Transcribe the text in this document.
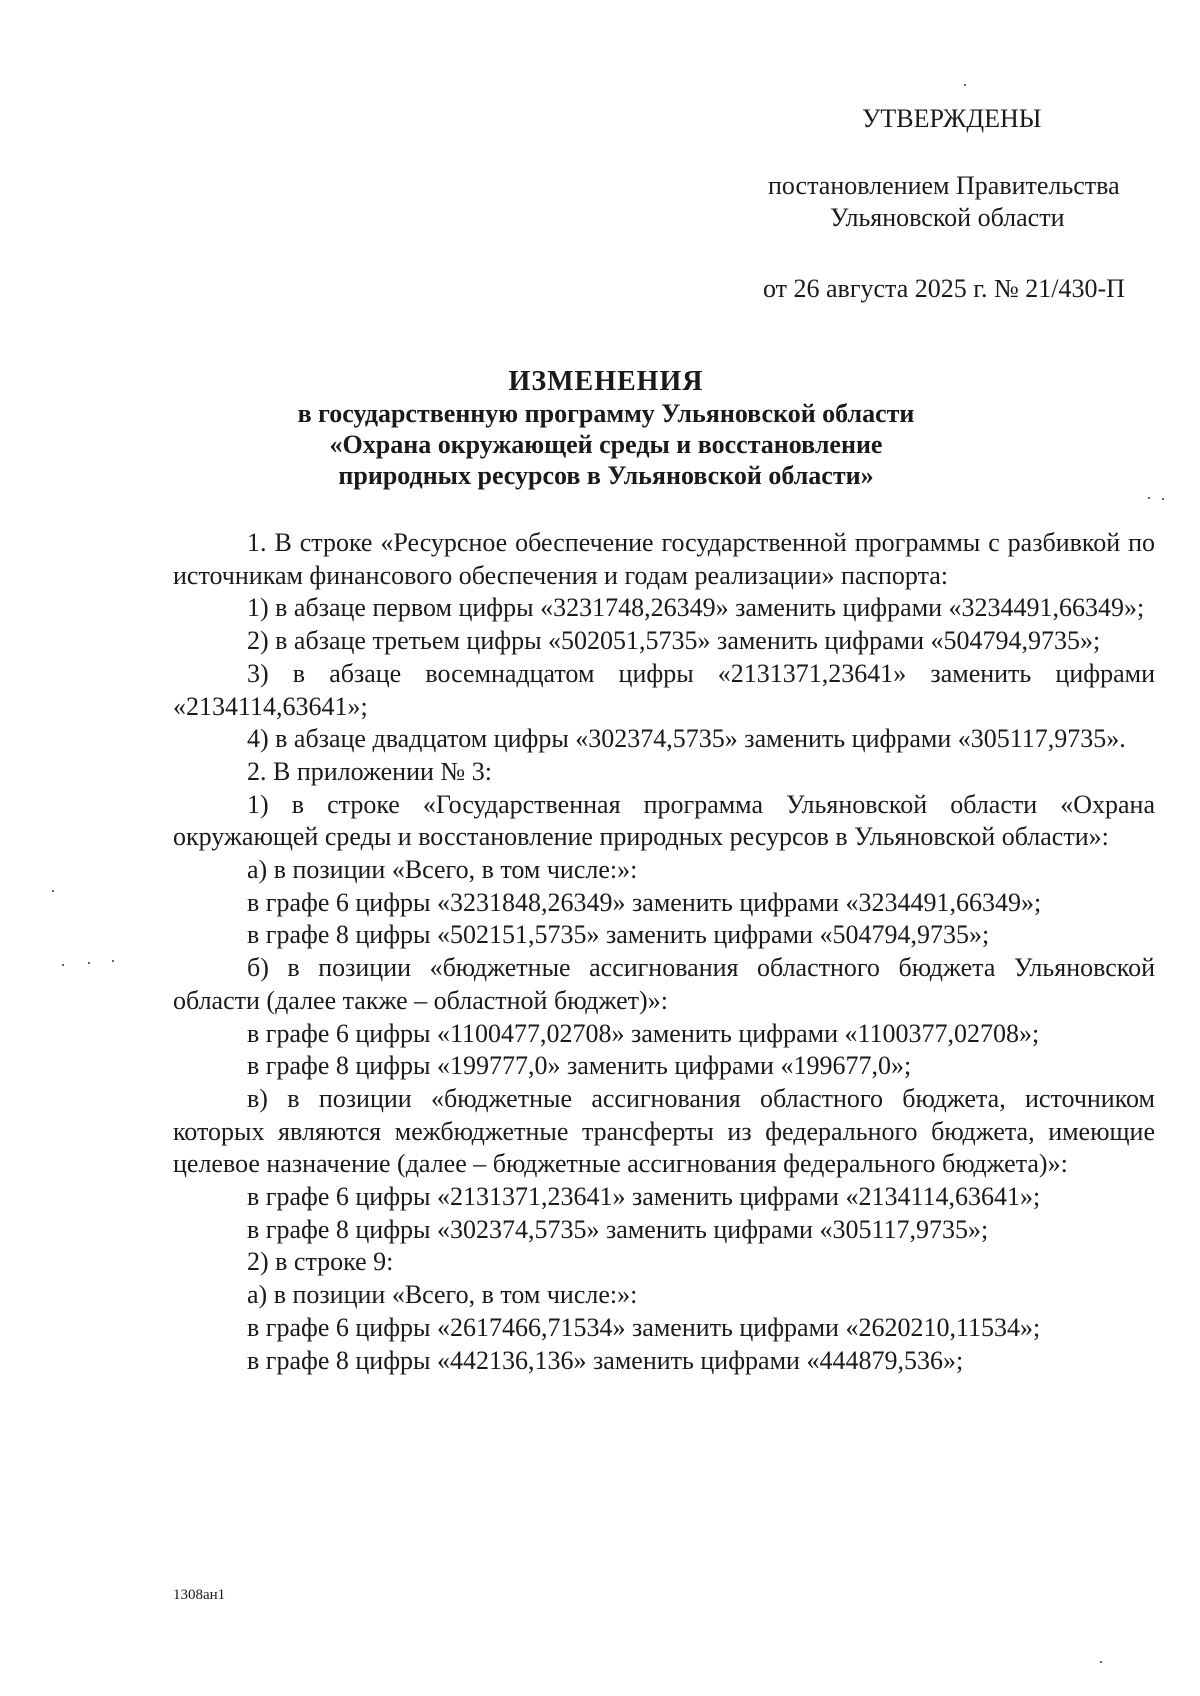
УТВЕРЖДЕНЫ
постановлением Правительства
Ульяновской области
от 26 августа 2025 г. № 21/430-П
ИЗМЕНЕНИЯ
в государственную программу Ульяновской области
«Охрана окружающей среды и восстановление
природных ресурсов в Ульяновской области»

1. В строке «Ресурсное обеспечение государственной программы с разбивкой по источникам финансового обеспечения и годам реализации» паспорта:

1) в абзаце первом цифры «3231748,26349» заменить цифрами «3234491,66349»;

2) в абзаце третьем цифры «502051,5735» заменить цифрами «504794,9735»;

3) в абзаце восемнадцатом цифры «2131371,23641» заменить цифрами «2134114,63641»;

4) в абзаце двадцатом цифры «302374,5735» заменить цифрами «305117,9735».

2. В приложении № 3:

1) в строке «Государственная программа Ульяновской области «Охрана окружающей среды и восстановление природных ресурсов в Ульяновской области»:

а) в позиции «Всего, в том числе:»:

в графе 6 цифры «3231848,26349» заменить цифрами «3234491,66349»;

в графе 8 цифры «502151,5735» заменить цифрами «504794,9735»;

б) в позиции «бюджетные ассигнования областного бюджета Ульяновской области (далее также – областной бюджет)»:

в графе 6 цифры «1100477,02708» заменить цифрами «1100377,02708»;

в графе 8 цифры «199777,0» заменить цифрами «199677,0»;

в) в позиции «бюджетные ассигнования областного бюджета, источником которых являются межбюджетные трансферты из федерального бюджета, имеющие целевое назначение (далее – бюджетные ассигнования федерального бюджета)»:

в графе 6 цифры «2131371,23641» заменить цифрами «2134114,63641»;

в графе 8 цифры «302374,5735» заменить цифрами «305117,9735»;

2) в строке 9:

а) в позиции «Всего, в том числе:»:

в графе 6 цифры «2617466,71534» заменить цифрами «2620210,11534»;

в графе 8 цифры «442136,136» заменить цифрами «444879,536»;

1308ан1
